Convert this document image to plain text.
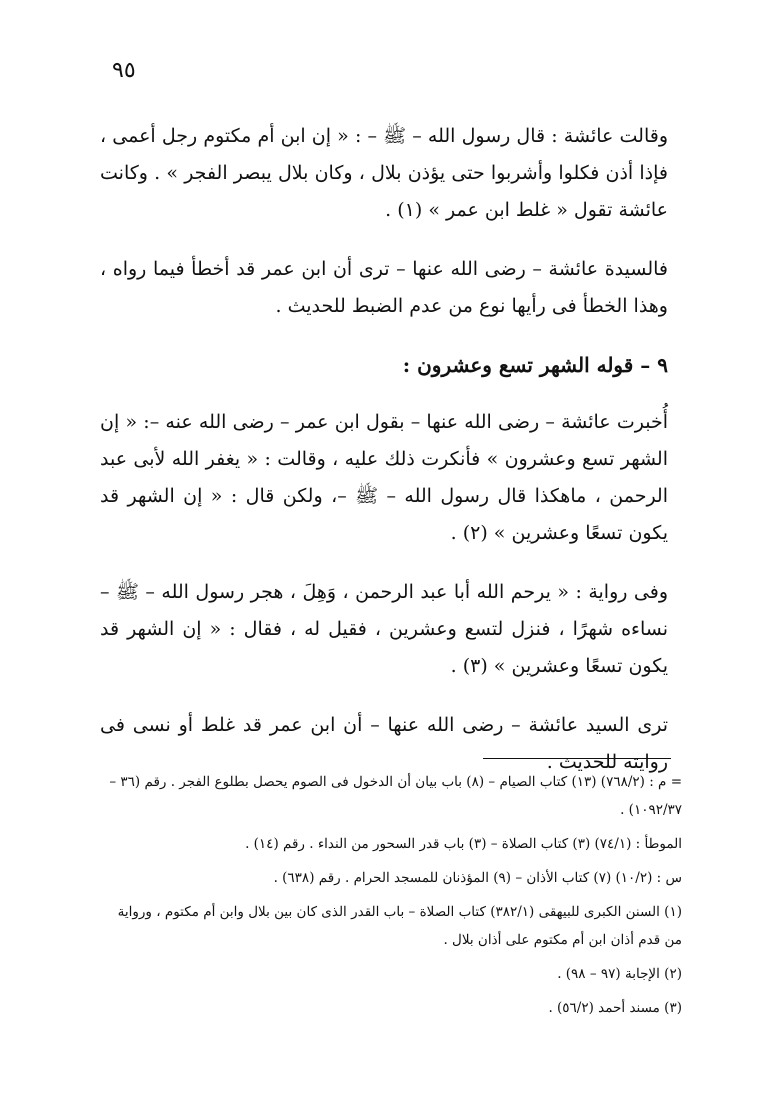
٩٥

وقالت عائشة : قال رسول الله – ﷺ – : « إن ابن أم مكتوم رجل أعمى ، فإذا أذن فكلوا وأشربوا حتى يؤذن بلال ، وكان بلال يبصر الفجر » . وكانت عائشة تقول « غلط ابن عمر » (١) .

فالسيدة عائشة – رضى الله عنها – ترى أن ابن عمر قد أخطأ فيما رواه ، وهذا الخطأ فى رأيها نوع من عدم الضبط للحديث .

٩ – قوله الشهر تسع وعشرون :

أُخبرت عائشة – رضى الله عنها – بقول ابن عمر – رضى الله عنه –: « إن الشهر تسع وعشرون » فأنكرت ذلك عليه ، وقالت : « يغفر الله لأبى عبد الرحمن ، ماهكذا قال رسول الله – ﷺ –، ولكن قال : « إن الشهر قد يكون تسعًا وعشرين » (٢) .

وفى رواية : « يرحم الله أبا عبد الرحمن ، وَهِلَ ، هجر رسول الله – ﷺ – نساءه شهرًا ، فنزل لتسع وعشرين ، فقيل له ، فقال : « إن الشهر قد يكون تسعًا وعشرين » (٣) .

ترى السيد عائشة – رضى الله عنها – أن ابن عمر قد غلط أو نسى فى روايته للحديث .

= م : (٧٦٨/٢) (١٣) كتاب الصيام – (٨) باب بيان أن الدخول فى الصوم يحصل بطلوع الفجر . رقم (٣٦ – ١٠٩٢/٣٧) .

الموطأ : (٧٤/١) (٣) كتاب الصلاة – (٣) باب قدر السحور من النداء . رقم (١٤) .

س : (١٠/٢) (٧) كتاب الأذان – (٩) المؤذنان للمسجد الحرام . رقم (٦٣٨) .

(١) السنن الكبرى للبيهقى (٣٨٢/١) كتاب الصلاة – باب القدر الذى كان بين بلال وابن أم مكتوم ، ورواية من قدم أذان ابن أم مكتوم على أذان بلال .

(٢) الإجابة (٩٧ – ٩٨) .

(٣) مسند أحمد (٥٦/٢) .
